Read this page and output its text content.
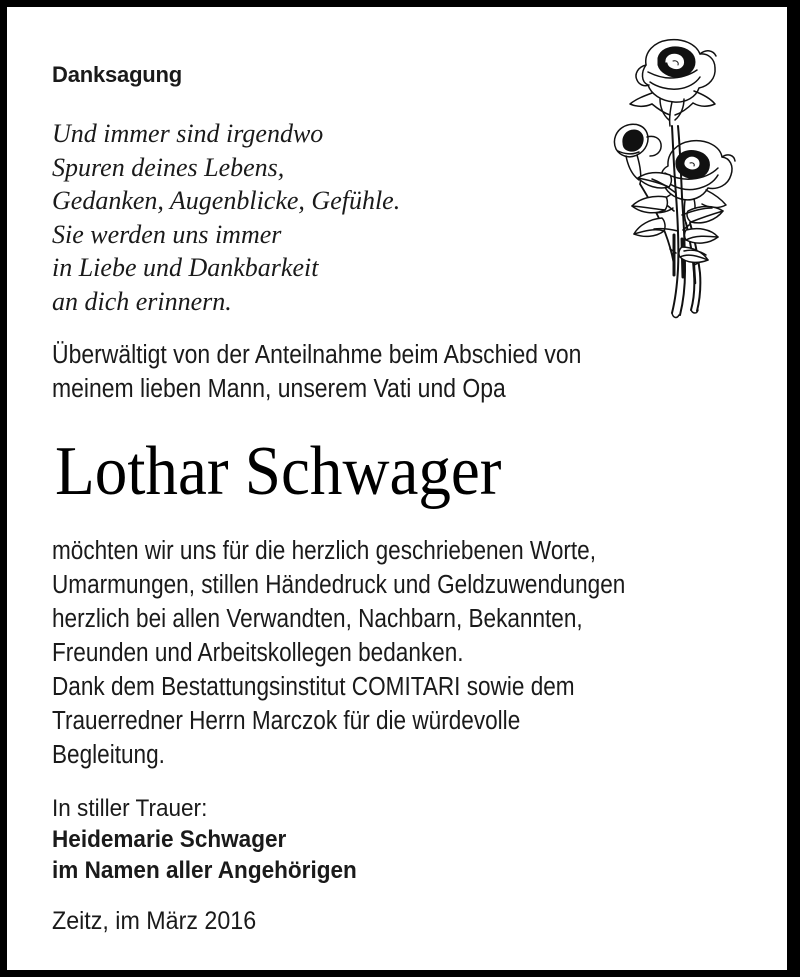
Danksagung
Und immer sind irgendwo
Spuren deines Lebens,
Gedanken, Augenblicke, Gefühle.
Sie werden uns immer
in Liebe und Dankbarkeit
an dich erinnern.
Überwältigt von der Anteilnahme beim Abschied von
meinem lieben Mann, unserem Vati und Opa
Lothar Schwager
möchten wir uns für die herzlich geschriebenen Worte,
Umarmungen, stillen Händedruck und Geldzuwendungen
herzlich bei allen Verwandten, Nachbarn, Bekannten,
Freunden und Arbeitskollegen bedanken.
Dank dem Bestattungsinstitut COMITARI sowie dem
Trauerredner Herrn Marczok für die würdevolle
Begleitung.
In stiller Trauer:
Heidemarie Schwager
im Namen aller Angehörigen
Zeitz, im März 2016
